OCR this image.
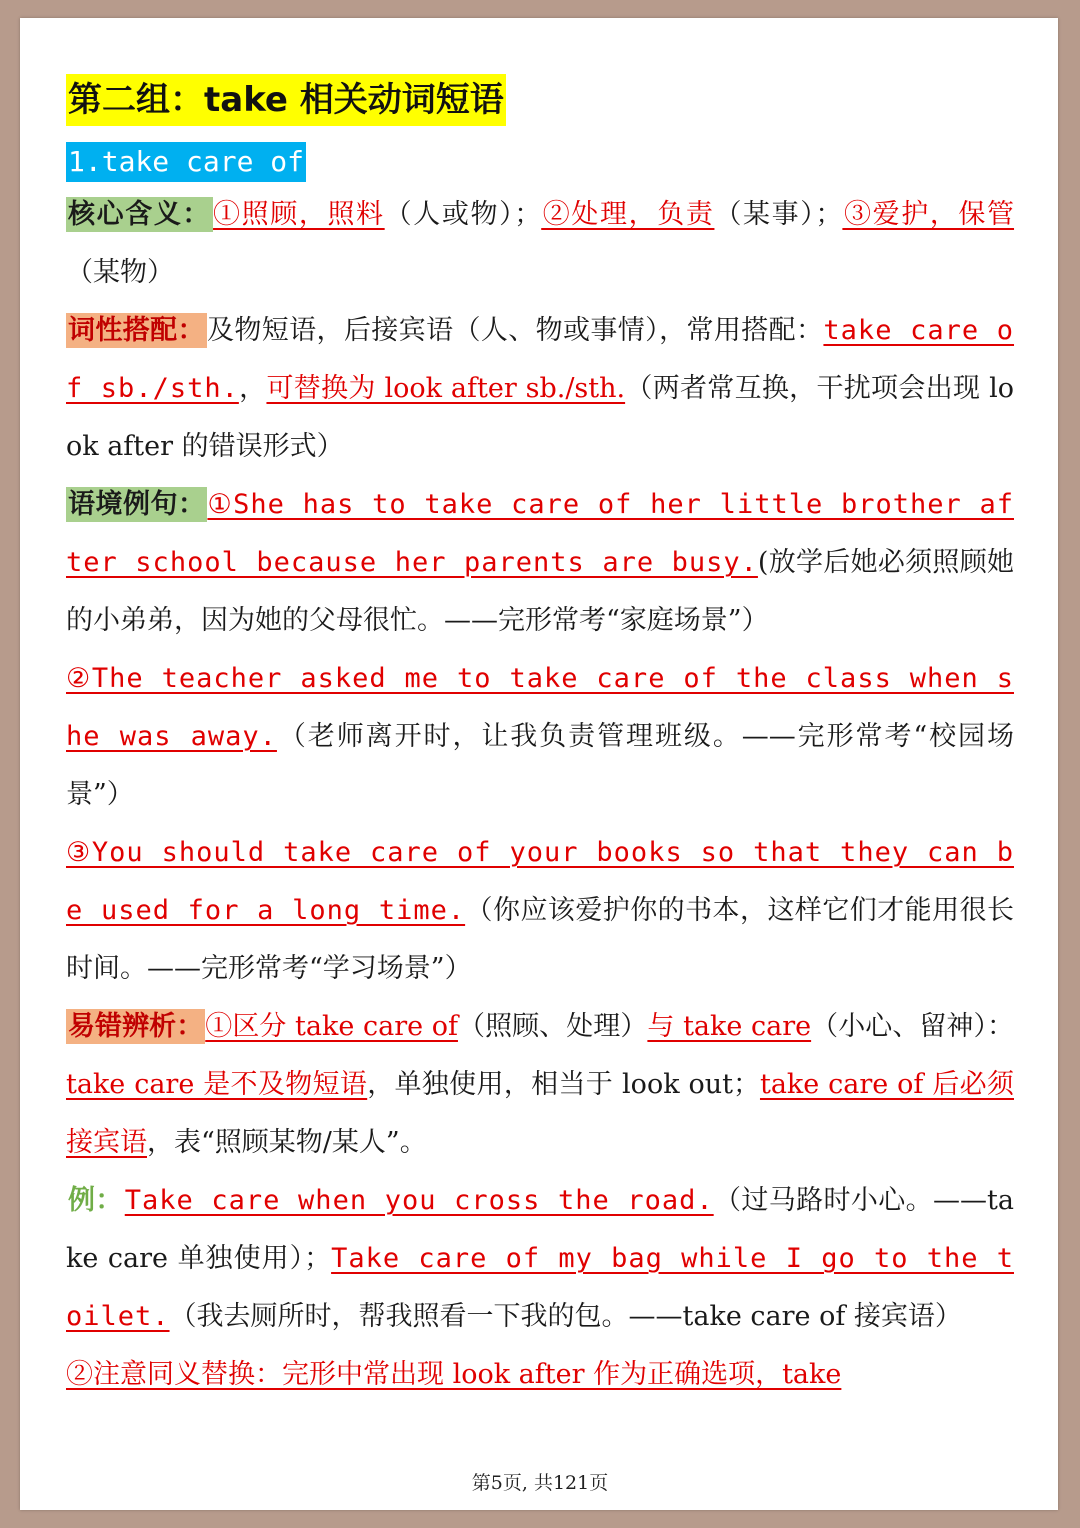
第二组：take 相关动词短语

1.take care of

核心含义：①照顾，照料（人或物）；②处理，负责（某事）；③爱护，保管（某物）

词性搭配：及物短语，后接宾语（人、物或事情），常用搭配：take care of sb./sth.，可替换为 look after sb./sth.（两者常互换，干扰项会出现 look after 的错误形式）

语境例句：①She has to take care of her little brother after school because her parents are busy.(放学后她必须照顾她的小弟弟，因为她的父母很忙。——完形常考“家庭场景”）

②The teacher asked me to take care of the class when she was away.（老师离开时，让我负责管理班级。——完形常考“校园场景”）

③You should take care of your books so that they can be used for a long time.（你应该爱护你的书本，这样它们才能用很长时间。——完形常考“学习场景”）

易错辨析：①区分 take care of（照顾、处理）与 take care（小心、留神）：take care 是不及物短语，单独使用，相当于 look out；take care of 后必须接宾语，表“照顾某物/某人”。

例：Take care when you cross the road.（过马路时小心。——take care 单独使用）；Take care of my bag while I go to the toilet.（我去厕所时，帮我照看一下我的包。——take care of 接宾语）

②注意同义替换：完形中常出现 look after 作为正确选项，take

第5页, 共121页
